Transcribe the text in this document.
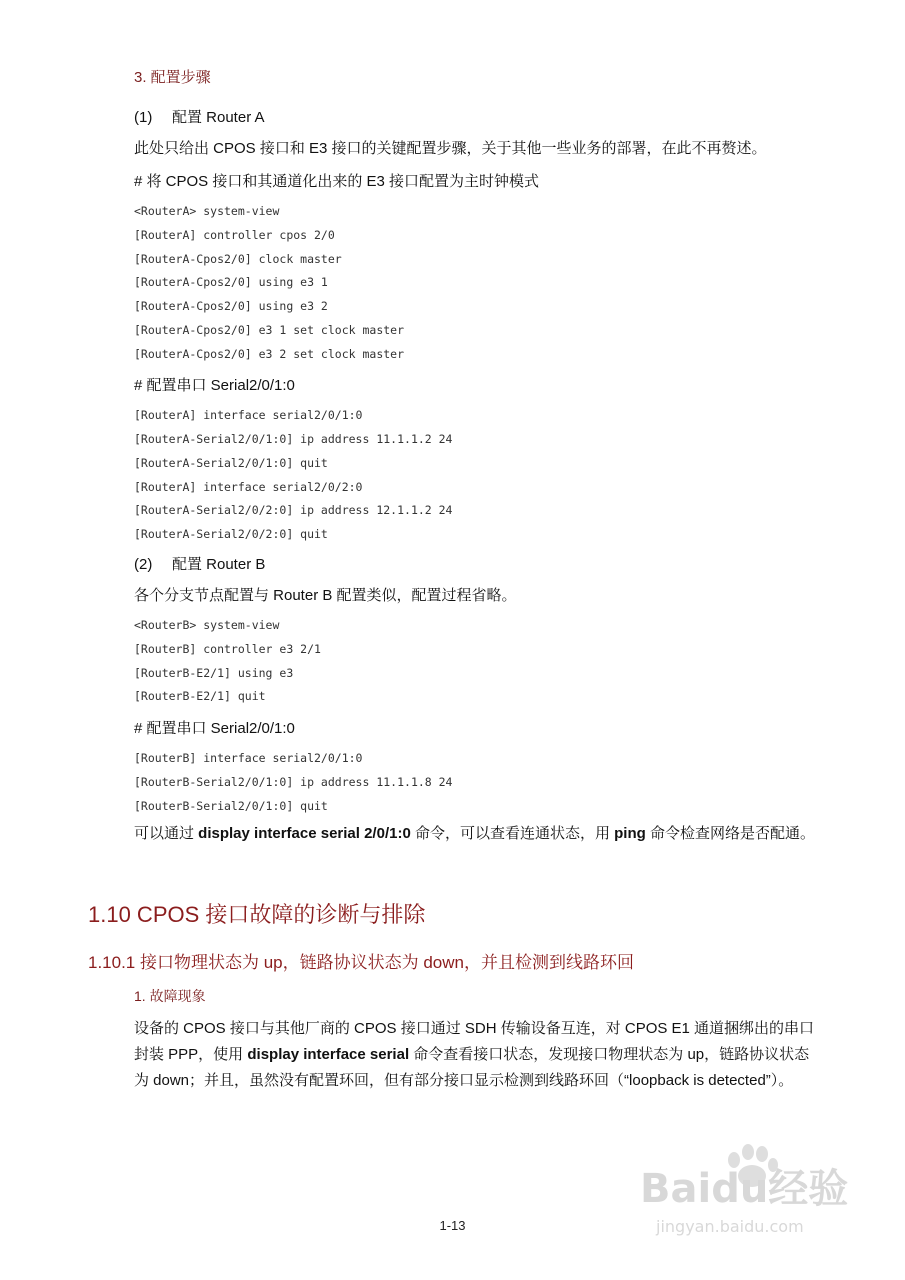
3. 配置步骤
(1) 配置 Router A
此处只给出 CPOS 接口和 E3 接口的关键配置步骤，关于其他一些业务的部署，在此不再赘述。
# 将 CPOS 接口和其通道化出来的 E3 接口配置为主时钟模式
<RouterA> system-view
[RouterA] controller cpos 2/0
[RouterA-Cpos2/0] clock master
[RouterA-Cpos2/0] using e3 1
[RouterA-Cpos2/0] using e3 2
[RouterA-Cpos2/0] e3 1 set clock master
[RouterA-Cpos2/0] e3 2 set clock master
# 配置串口 Serial2/0/1:0
[RouterA] interface serial2/0/1:0
[RouterA-Serial2/0/1:0] ip address 11.1.1.2 24
[RouterA-Serial2/0/1:0] quit
[RouterA] interface serial2/0/2:0
[RouterA-Serial2/0/2:0] ip address 12.1.1.2 24
[RouterA-Serial2/0/2:0] quit
(2) 配置 Router B
各个分支节点配置与 Router B 配置类似，配置过程省略。
<RouterB> system-view
[RouterB] controller e3 2/1
[RouterB-E2/1] using e3
[RouterB-E2/1] quit
# 配置串口 Serial2/0/1:0
[RouterB] interface serial2/0/1:0
[RouterB-Serial2/0/1:0] ip address 11.1.1.8 24
[RouterB-Serial2/0/1:0] quit
可以通过 display interface serial 2/0/1:0 命令，可以查看连通状态，用 ping 命令检查网络是否配通。
1.10 CPOS 接口故障的诊断与排除
1.10.1 接口物理状态为 up，链路协议状态为 down，并且检测到线路环回
1. 故障现象
设备的 CPOS 接口与其他厂商的 CPOS 接口通过 SDH 传输设备互连，对 CPOS E1 通道捆绑出的串口封装 PPP，使用 display interface serial 命令查看接口状态，发现接口物理状态为 up，链路协议状态为 down；并且，虽然没有配置环回，但有部分接口显示检测到线路环回（“loopback is detected”）。
Baidu经验
jingyan.baidu.com
1-13
